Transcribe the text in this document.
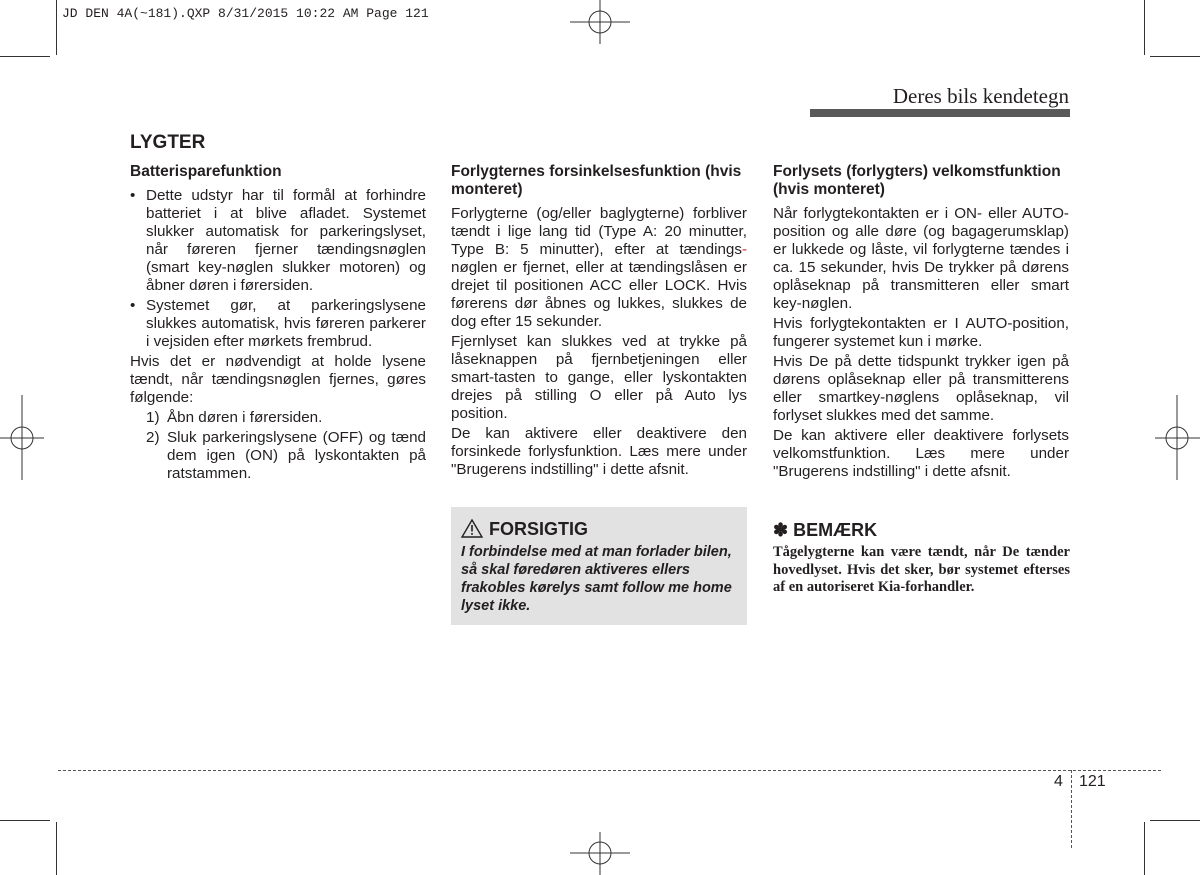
JD DEN 4A(~181).QXP 8/31/2015 10:22 AM Page 121
Deres bils kendetegn
LYGTER
Batterisparefunktion
• Dette udstyr har til formål at forhindre batteriet i at blive afladet. Systemet slukker automatisk for parkeringslyset, når føreren fjerner tændingsnøglen (smart key-nøglen slukker motoren) og åbner døren i førersiden.
• Systemet gør, at parkeringslysene slukkes automatisk, hvis føreren parkerer i vejsiden efter mørkets frembrud.

Hvis det er nødvendigt at holde lysene tændt, når tændingsnøglen fjernes, gøres følgende:

1) Åbn døren i førersiden.
2) Sluk parkeringslysene (OFF) og tænd dem igen (ON) på lyskontakten på ratstammen.
Forlygternes forsinkelsesfunktion (hvis monteret)

Forlygterne (og/eller baglygterne) forbliver tændt i lige lang tid (Type A: 20 minutter, Type B: 5 minutter), efter at tændings- nøglen er fjernet, eller at tændingslåsen er drejet til positionen ACC eller LOCK. Hvis førerens dør åbnes og lukkes, slukkes de dog efter 15 sekunder.

Fjernlyset kan slukkes ved at trykke på låseknappen på fjernbetjeningen eller smart-tasten to gange, eller lyskontakten drejes på stilling O eller på Auto lys position.

De kan aktivere eller deaktivere den forsinkede forlysfunktion. Læs mere under "Brugerens indstilling" i dette afsnit.

FORSIGTIG
I forbindelse med at man forlader bilen, så skal føredøren aktiveres ellers frakobles kørelys samt follow me home lyset ikke.
Forlysets (forlygters) velkomstfunktion (hvis monteret)

Når forlygtekontakten er i ON- eller AUTO-position og alle døre (og bagagerumsklap) er lukkede og låste, vil forlygterne tændes i ca. 15 sekunder, hvis De trykker på dørens oplåseknap på transmitteren eller smart key-nøglen.

Hvis forlygtekontakten er I AUTO-position, fungerer systemet kun i mørke.

Hvis De på dette tidspunkt trykker igen på dørens oplåseknap eller på transmitterens eller smartkey-nøglens oplåseknap, vil forlyset slukkes med det samme.

De kan aktivere eller deaktivere forlysets velkomstfunktion. Læs mere under "Brugerens indstilling" i dette afsnit.

✽ BEMÆRK
Tågelygterne kan være tændt, når De tænder hovedlyset. Hvis det sker, bør systemet efterses af en autoriseret Kia-forhandler.
4 121
